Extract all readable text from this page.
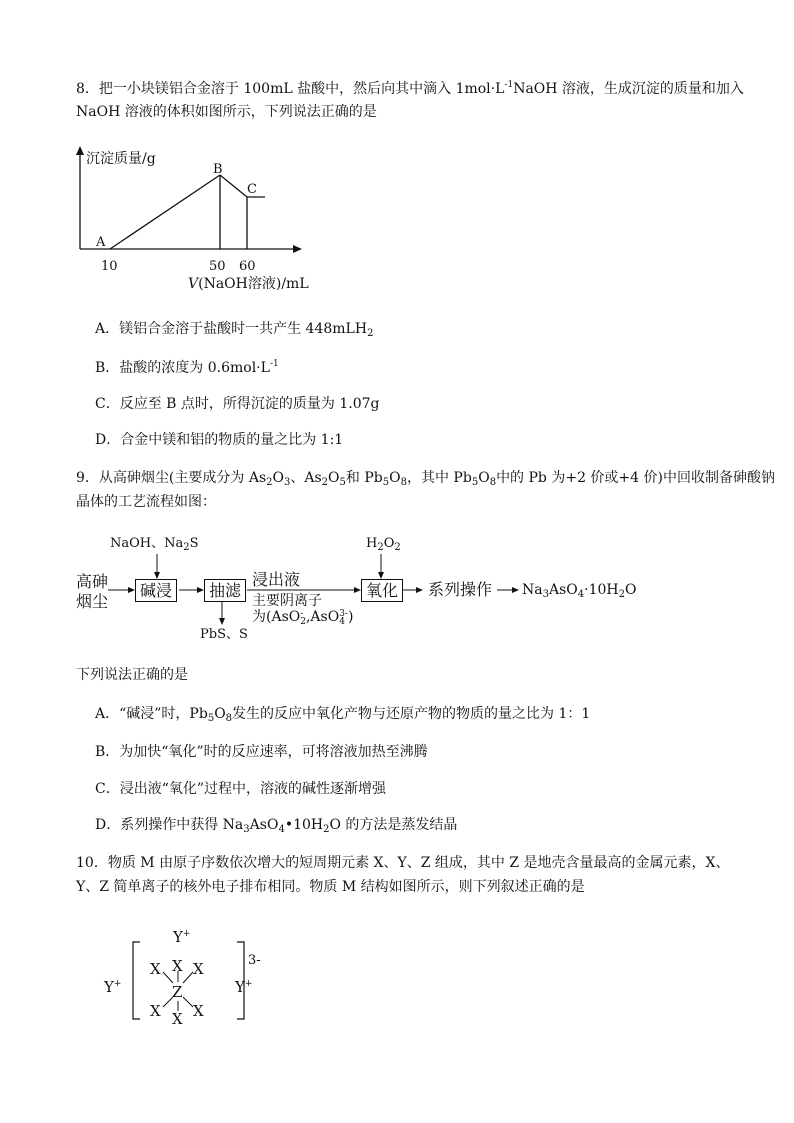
8．把一小块镁铝合金溶于 100mL 盐酸中，然后向其中滴入 $1mol\cdot L^{-1}NaOH$ 溶液，生成沉淀的质量和加入
NaOH 溶液的体积如图所示，下列说法正确的是
沉淀质量/g
A
B
C
10	50 60
V(NaOH溶液)/mL
A．镁铝合金溶于盐酸时一共产生 448mLH$_2$
B．盐酸的浓度为 $0.6mol\cdot L^{-1}$
C．反应至 B 点时，所得沉淀的质量为 1.07g
D．合金中镁和铝的物质的量之比为 1:1
9．从高砷烟尘(主要成分为 $As_2O_3$、$As_2O_5$和 $Pb_5O_8$，其中 $Pb_5O_8$中的 Pb 为+2 价或+4 价)中回收制备砷酸钠
晶体的工艺流程如图：
NaOH、$Na_2S$	$H_2O_2$
高砷
烟尘
碱浸	抽滤	氧化
浸出液
主要阴离子
为(AsO-
2,AsO3-
4 )
PbS、S
系列操作 $Na_3AsO_4\cdot 10H_2O$
下列说法正确的是
A．“碱浸”时，$Pb_5O_8$发生的反应中氧化产物与还原产物的物质的量之比为 1：1
B．为加快“氧化”时的反应速率，可将溶液加热至沸腾
C．浸出液“氧化”过程中，溶液的碱性逐渐增强
D．系列操作中获得 $Na_3AsO_4•10H_2O$ 的方法是蒸发结晶
10．物质 M 由原子序数依次增大的短周期元素 X、Y、Z 组成，其中 Z 是地壳含量最高的金属元素，X、
Y、Z 简单离子的核外电子排布相同。物质 M 结构如图所示，则下列叙述正确的是
Y+
Y+	Y+
X
X X
Z
X X
X
3-
